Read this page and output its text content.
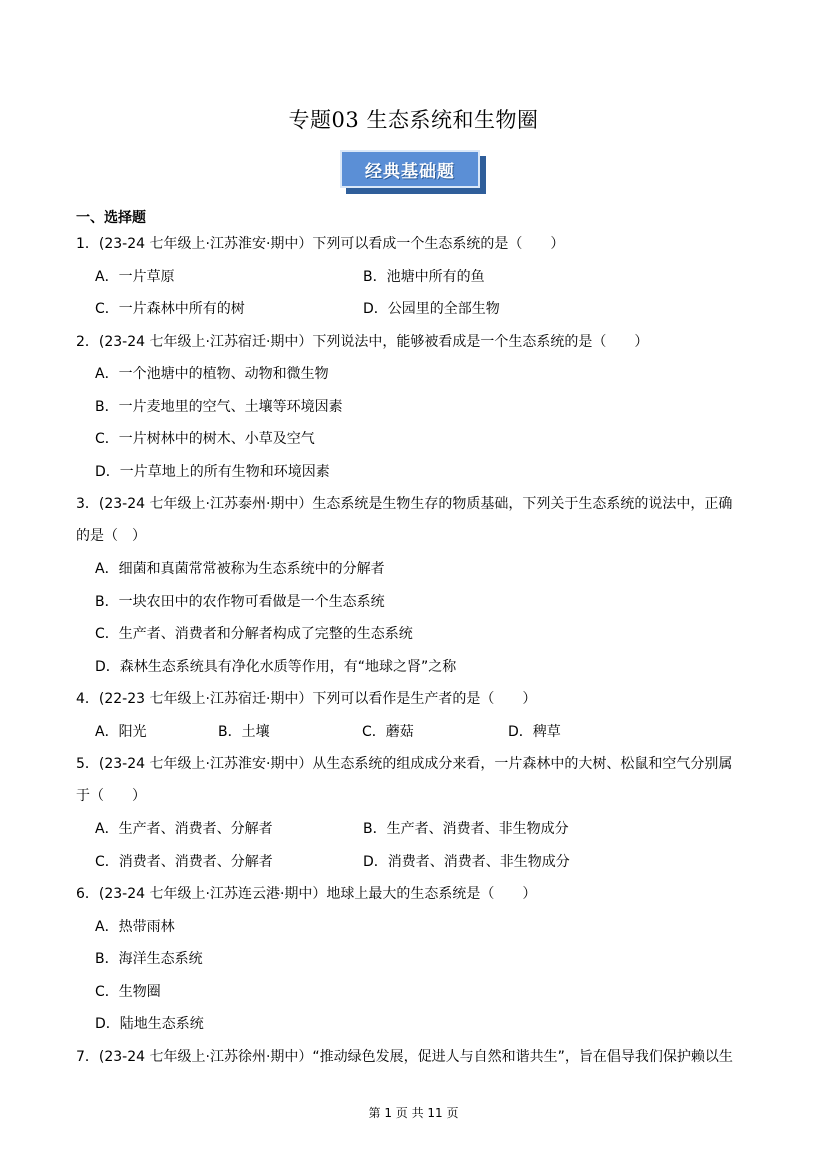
专题03 生态系统和生物圈
经典基础题
一、选择题
1．(23-24 七年级上·江苏淮安·期中）下列可以看成一个生态系统的是（　　）
A．一片草原	B．池塘中所有的鱼
C．一片森林中所有的树	D．公园里的全部生物
2．(23-24 七年级上·江苏宿迁·期中）下列说法中，能够被看成是一个生态系统的是（　　）
A．一个池塘中的植物、动物和微生物
B．一片麦地里的空气、土壤等环境因素
C．一片树林中的树木、小草及空气
D．一片草地上的所有生物和环境因素
3．(23-24 七年级上·江苏泰州·期中）生态系统是生物生存的物质基础，下列关于生态系统的说法中，正确
的是（　）
A．细菌和真菌常常被称为生态系统中的分解者
B．一块农田中的农作物可看做是一个生态系统
C．生产者、消费者和分解者构成了完整的生态系统
D．森林生态系统具有净化水质等作用，有“地球之肾”之称
4．(22-23 七年级上·江苏宿迁·期中）下列可以看作是生产者的是（　　）
A．阳光	B．土壤	C．蘑菇	D．稗草
5．(23-24 七年级上·江苏淮安·期中）从生态系统的组成成分来看，一片森林中的大树、松鼠和空气分别属
于（　　）
A．生产者、消费者、分解者	B．生产者、消费者、非生物成分
C．消费者、消费者、分解者	D．消费者、消费者、非生物成分
6．(23-24 七年级上·江苏连云港·期中）地球上最大的生态系统是（　　）
A．热带雨林
B．海洋生态系统
C．生物圈
D．陆地生态系统
7．(23-24 七年级上·江苏徐州·期中）“推动绿色发展，促进人与自然和谐共生”，旨在倡导我们保护赖以生
第 1 页 共 11 页
